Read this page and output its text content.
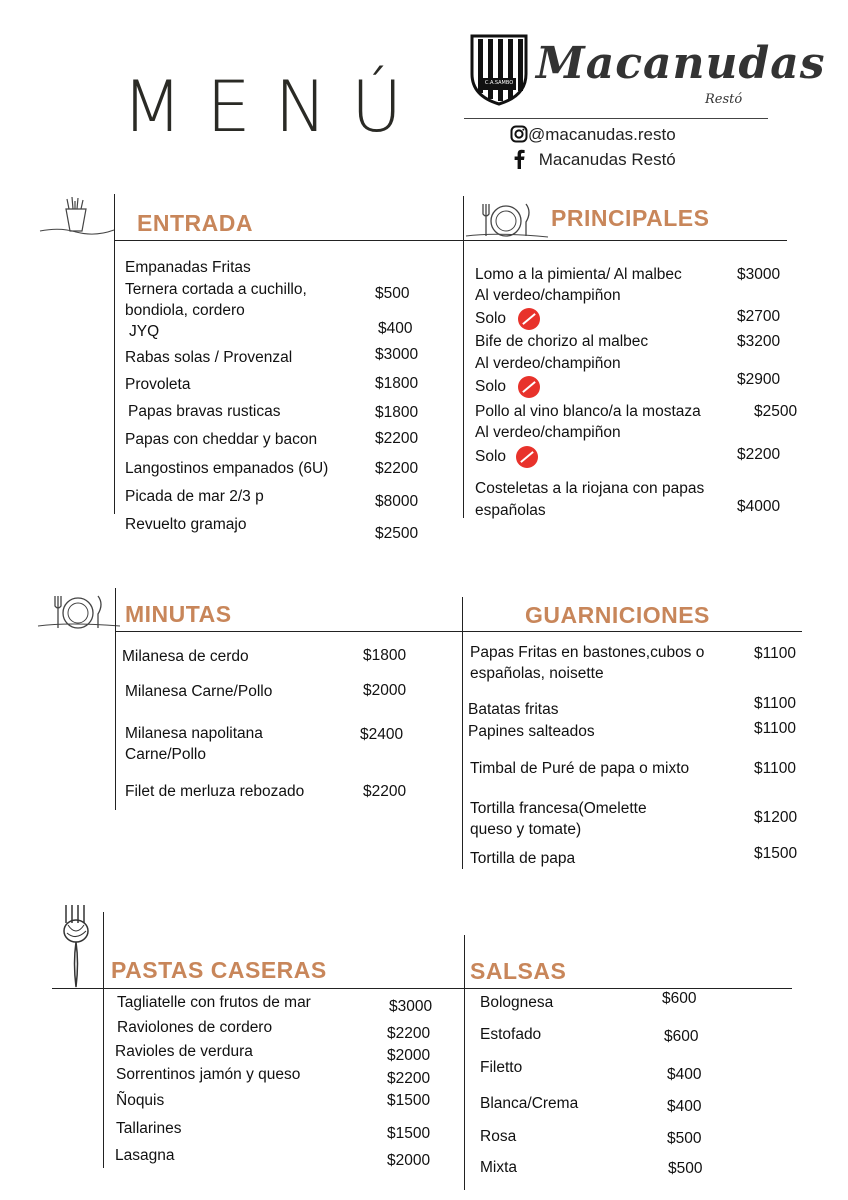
MENÚ	C.A.SAMBO Macanudas
Restó
@macanudas.resto
Macanudas Restó
ENTRADA
Empanadas Fritas
Ternera cortada a cuchillo,
bondiola, cordero
JYQ
Rabas solas / Provenzal
Provoleta
Papas bravas rusticas
Papas con cheddar y bacon
Langostinos empanados (6U)
Picada de mar 2/3 p
Revuelto gramajo
$500
$400
$3000
$1800
$1800
$2200
$2200
$8000
$2500
PRINCIPALES
Lomo a la pimienta/ Al malbec
Al verdeo/champiñon
Solo
Bife de chorizo al malbec
Al verdeo/champiñon
Solo
Pollo al vino blanco/a la mostaza
Al verdeo/champiñon
Solo
Costeletas a la riojana con papas
españolas
$3000
$2700
$3200
$2900
$2500
$2200
$4000
MINUTAS
Milanesa de cerdo
Milanesa Carne/Pollo
Milanesa napolitana
Carne/Pollo
Filet de merluza rebozado
$1800
$2000
$2400
$2200
GUARNICIONES
Papas Fritas en bastones,cubos o
españolas, noisette
Batatas fritas
Papines salteados
Timbal de Puré de papa o mixto
Tortilla francesa(Omelette
queso y tomate)
Tortilla de papa
$1100
$1100
$1100
$1100
$1200
$1500
PASTAS CASERAS
Tagliatelle con frutos de mar
Raviolones de cordero
Ravioles de verdura
Sorrentinos jamón y queso
Ñoquis
Tallarines
Lasagna
$3000
$2200
$2000
$2200
$1500
$1500
$2000
SALSAS
Bolognesa
Estofado
Filetto
Blanca/Crema
Rosa
Mixta
$600
$600
$400
$400
$500
$500
